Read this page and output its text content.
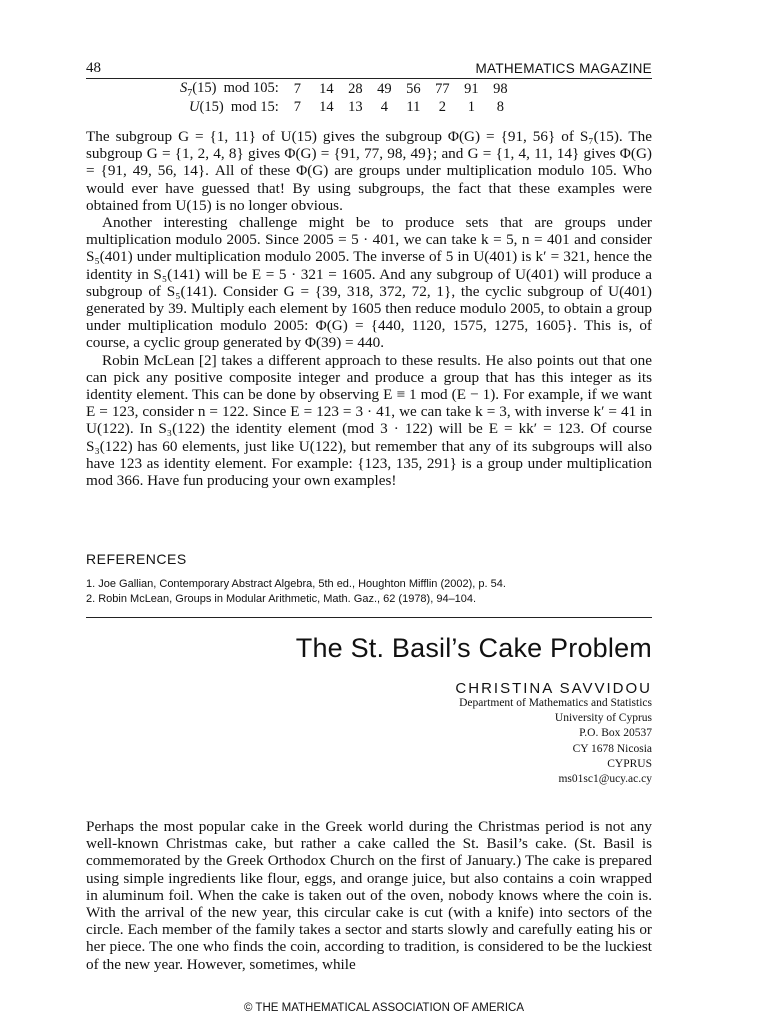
48	MATHEMATICS MAGAZINE
$S_7(15)$  mod 105:	7	14	28	49	56	77	91	98
U(15)  mod 15:	7	14	13	4	11	2	1	8

The subgroup G = {1, 11} of U(15) gives the subgroup Φ(G) = {91, 56} of S₇(15). The subgroup G = {1, 2, 4, 8} gives Φ(G) = {91, 77, 98, 49}; and G = {1, 4, 11, 14} gives Φ(G) = {91, 49, 56, 14}. All of these Φ(G) are groups under multiplication modulo 105. Who would ever have guessed that! By using subgroups, the fact that these examples were obtained from U(15) is no longer obvious.

Another interesting challenge might be to produce sets that are groups under multiplication modulo 2005. Since 2005 = 5 · 401, we can take k = 5, n = 401 and consider S₅(401) under multiplication modulo 2005. The inverse of 5 in U(401) is k′ = 321, hence the identity in S₅(141) will be E = 5 · 321 = 1605. And any subgroup of U(401) will produce a subgroup of S₅(141). Consider G = {39, 318, 372, 72, 1}, the cyclic subgroup of U(401) generated by 39. Multiply each element by 1605 then reduce modulo 2005, to obtain a group under multiplication modulo 2005: Φ(G) = {440, 1120, 1575, 1275, 1605}. This is, of course, a cyclic group generated by Φ(39) = 440.

Robin McLean [2] takes a different approach to these results. He also points out that one can pick any positive composite integer and produce a group that has this integer as its identity element. This can be done by observing E ≡ 1 mod (E − 1). For example, if we want E = 123, consider n = 122. Since E = 123 = 3 · 41, we can take k = 3, with inverse k′ = 41 in U(122). In S₃(122) the identity element (mod 3 · 122) will be E = kk′ = 123. Of course S₃(122) has 60 elements, just like U(122), but remember that any of its subgroups will also have 123 as identity element. For example: {123, 135, 291} is a group under multiplication mod 366. Have fun producing your own examples!

REFERENCES
1. Joe Gallian, Contemporary Abstract Algebra, 5th ed., Houghton Mifflin (2002), p. 54.
2. Robin McLean, Groups in Modular Arithmetic, Math. Gaz., 62 (1978), 94–104.
The St. Basil’s Cake Problem
CHRISTINA SAVVIDOU
Department of Mathematics and Statistics
University of Cyprus
P.O. Box 20537
CY 1678 Nicosia
CYPRUS
ms01sc1@ucy.ac.cy

Perhaps the most popular cake in the Greek world during the Christmas period is not any well-known Christmas cake, but rather a cake called the St. Basil’s cake. (St. Basil is commemorated by the Greek Orthodox Church on the first of January.) The cake is prepared using simple ingredients like flour, eggs, and orange juice, but also contains a coin wrapped in aluminum foil. When the cake is taken out of the oven, nobody knows where the coin is. With the arrival of the new year, this circular cake is cut (with a knife) into sectors of the circle. Each member of the family takes a sector and starts slowly and carefully eating his or her piece. The one who finds the coin, according to tradition, is considered to be the luckiest of the new year. However, sometimes, while

© THE MATHEMATICAL ASSOCIATION OF AMERICA
